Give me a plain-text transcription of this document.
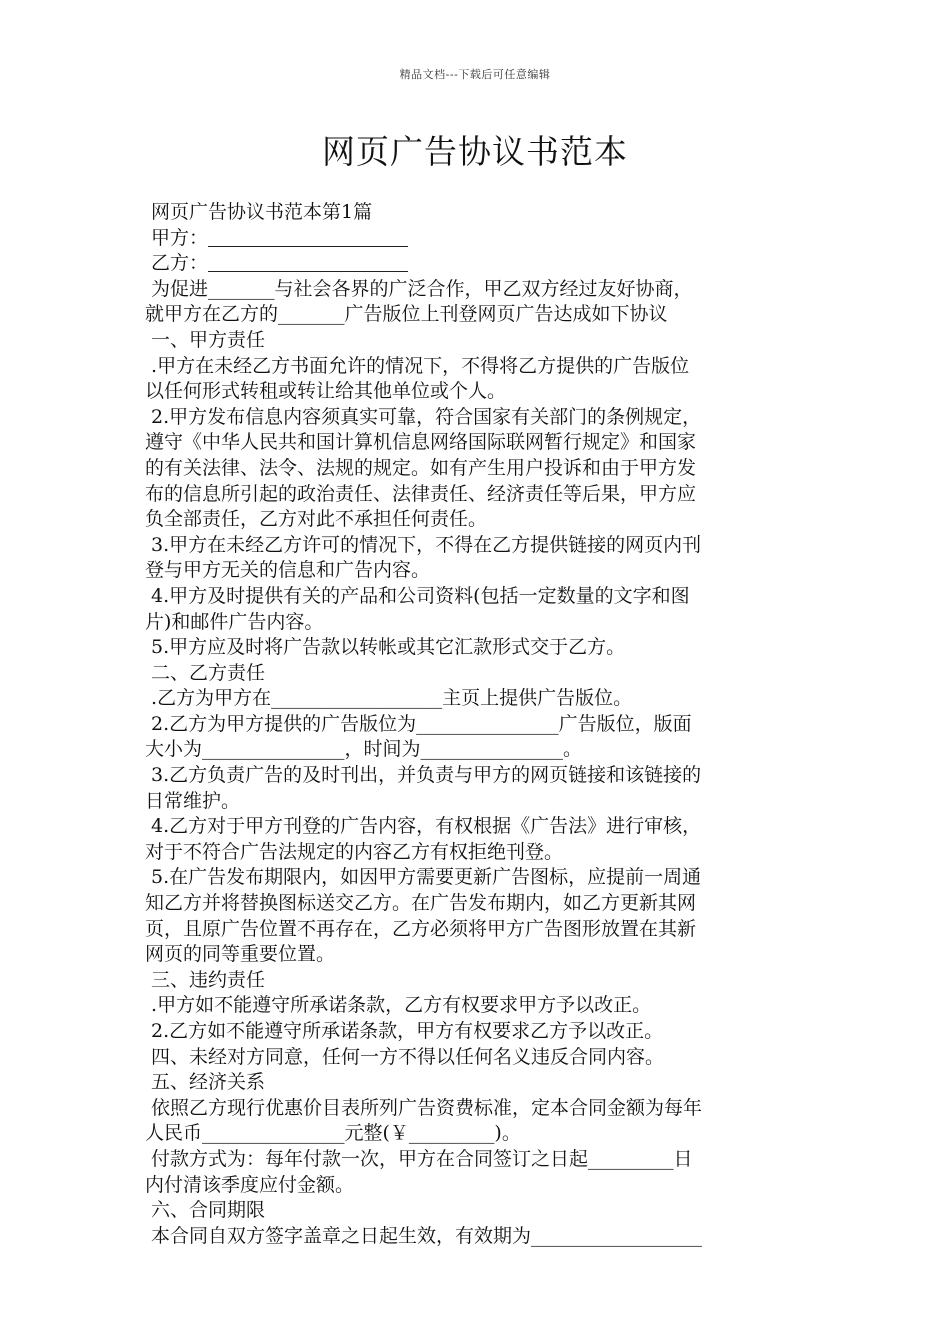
精品文档---下载后可任意编辑
网页广告协议书范本
网页广告协议书范本第1篇
甲方：
乙方：
为促进_______与社会各界的广泛合作，甲乙双方经过友好协商，
就甲方在乙方的_______广告版位上刊登网页广告达成如下协议
一、甲方责任
.甲方在未经乙方书面允许的情况下，不得将乙方提供的广告版位
以任何形式转租或转让给其他单位或个人。
2.甲方发布信息内容须真实可靠，符合国家有关部门的条例规定，
遵守《中华人民共和国计算机信息网络国际联网暂行规定》和国家
的有关法律、法令、法规的规定。如有产生用户投诉和由于甲方发
布的信息所引起的政治责任、法律责任、经济责任等后果，甲方应
负全部责任，乙方对此不承担任何责任。
3.甲方在未经乙方许可的情况下，不得在乙方提供链接的网页内刊
登与甲方无关的信息和广告内容。
4.甲方及时提供有关的产品和公司资料(包括一定数量的文字和图
片)和邮件广告内容。
5.甲方应及时将广告款以转帐或其它汇款形式交于乙方。
二、乙方责任
.乙方为甲方在__________________主页上提供广告版位。
2.乙方为甲方提供的广告版位为_______________广告版位，版面
大小为_______________，时间为_______________。
3.乙方负责广告的及时刊出，并负责与甲方的网页链接和该链接的
日常维护。
4.乙方对于甲方刊登的广告内容，有权根据《广告法》进行审核，
对于不符合广告法规定的内容乙方有权拒绝刊登。
5.在广告发布期限内，如因甲方需要更新广告图标，应提前一周通
知乙方并将替换图标送交乙方。在广告发布期内，如乙方更新其网
页，且原广告位置不再存在，乙方必须将甲方广告图形放置在其新
网页的同等重要位置。
三、违约责任
.甲方如不能遵守所承诺条款，乙方有权要求甲方予以改正。
2.乙方如不能遵守所承诺条款，甲方有权要求乙方予以改正。
四、未经对方同意，任何一方不得以任何名义违反合同内容。
五、经济关系
依照乙方现行优惠价目表所列广告资费标准，定本合同金额为每年
人民币_______________元整(￥_________)。
付款方式为：每年付款一次，甲方在合同签订之日起_________日
内付清该季度应付金额。
六、合同期限
本合同自双方签字盖章之日起生效，有效期为__________________
